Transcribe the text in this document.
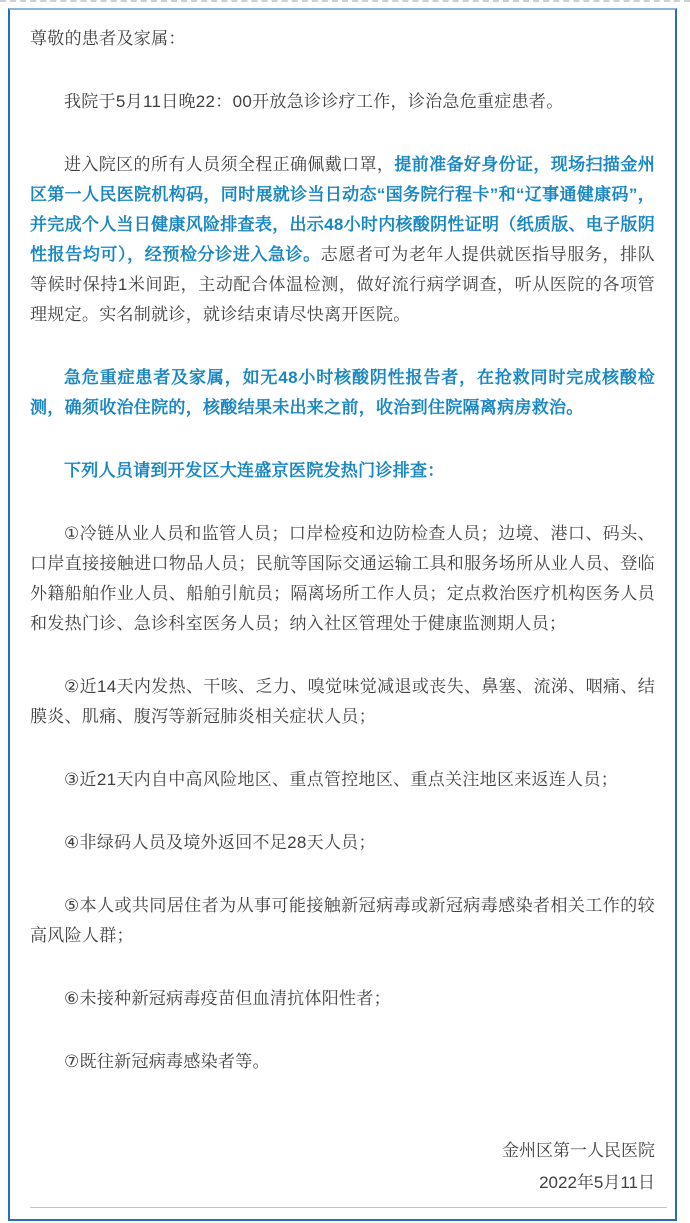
尊敬的患者及家属：

我院于5月11日晚22：00开放急诊诊疗工作，诊治急危重症患者。

进入院区的所有人员须全程正确佩戴口罩，提前准备好身份证，现场扫描金州区第一人民医院机构码，同时展就诊当日动态“国务院行程卡”和“辽事通健康码”，并完成个人当日健康风险排查表，出示48小时内核酸阴性证明（纸质版、电子版阴性报告均可），经预检分诊进入急诊。志愿者可为老年人提供就医指导服务，排队等候时保持1米间距，主动配合体温检测，做好流行病学调查，听从医院的各项管理规定。实名制就诊，就诊结束请尽快离开医院。

急危重症患者及家属，如无48小时核酸阴性报告者，在抢救同时完成核酸检测，确须收治住院的，核酸结果未出来之前，收治到住院隔离病房救治。

下列人员请到开发区大连盛京医院发热门诊排查：

①冷链从业人员和监管人员；口岸检疫和边防检查人员；边境、港口、码头、口岸直接接触进口物品人员；民航等国际交通运输工具和服务场所从业人员、登临外籍船舶作业人员、船舶引航员；隔离场所工作人员；定点救治医疗机构医务人员和发热门诊、急诊科室医务人员；纳入社区管理处于健康监测期人员；

②近14天内发热、干咳、乏力、嗅觉味觉减退或丧失、鼻塞、流涕、咽痛、结膜炎、肌痛、腹泻等新冠肺炎相关症状人员；

③近21天内自中高风险地区、重点管控地区、重点关注地区来返连人员；

④非绿码人员及境外返回不足28天人员；

⑤本人或共同居住者为从事可能接触新冠病毒或新冠病毒感染者相关工作的较高风险人群；

⑥未接种新冠病毒疫苗但血清抗体阳性者；

⑦既往新冠病毒感染者等。

金州区第一人民医院
2022年5月11日
